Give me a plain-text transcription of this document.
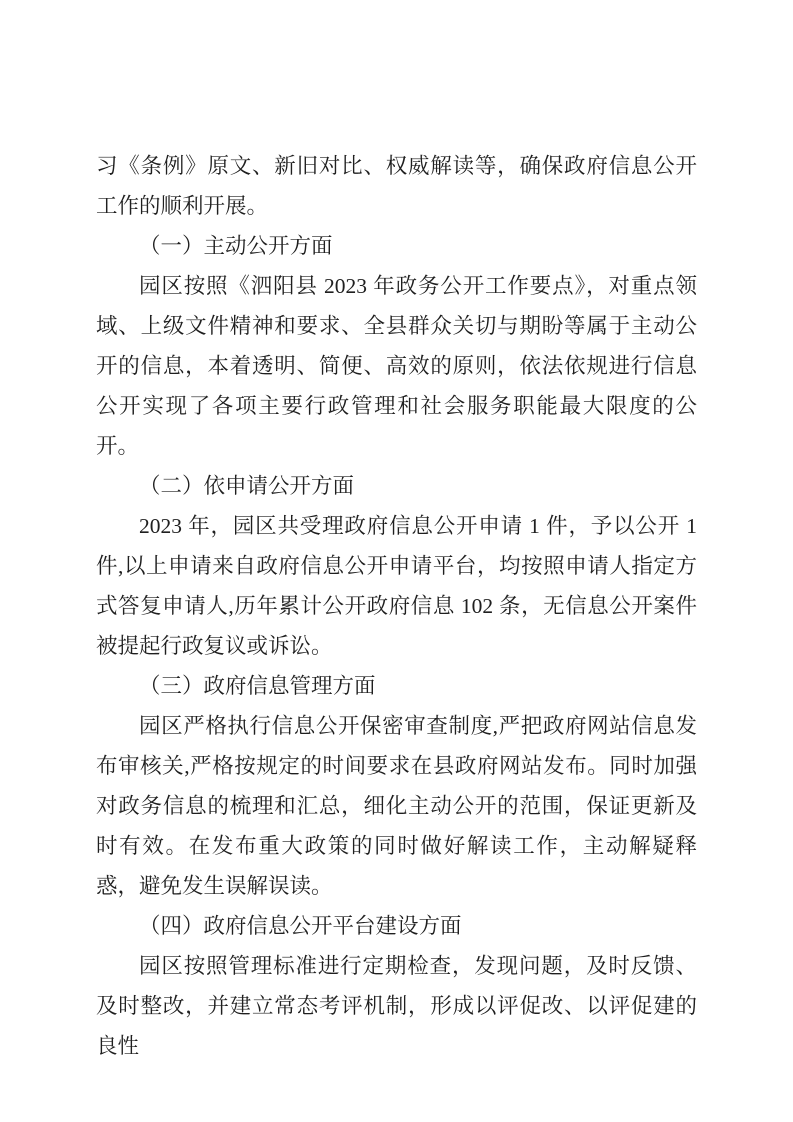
习《条例》原文、新旧对比、权威解读等，确保政府信息公开工作的顺利开展。

（一）主动公开方面

园区按照《泗阳县 2023 年政务公开工作要点》，对重点领域、上级文件精神和要求、全县群众关切与期盼等属于主动公开的信息，本着透明、简便、高效的原则，依法依规进行信息公开实现了各项主要行政管理和社会服务职能最大限度的公开。

（二）依申请公开方面

2023 年，园区共受理政府信息公开申请 1 件，予以公开 1 件,以上申请来自政府信息公开申请平台，均按照申请人指定方式答复申请人,历年累计公开政府信息 102 条，无信息公开案件被提起行政复议或诉讼。

（三）政府信息管理方面

园区严格执行信息公开保密审查制度,严把政府网站信息发布审核关,严格按规定的时间要求在县政府网站发布。同时加强对政务信息的梳理和汇总，细化主动公开的范围，保证更新及时有效。在发布重大政策的同时做好解读工作，主动解疑释惑，避免发生误解误读。

（四）政府信息公开平台建设方面

园区按照管理标准进行定期检查，发现问题，及时反馈、及时整改，并建立常态考评机制，形成以评促改、以评促建的良性
